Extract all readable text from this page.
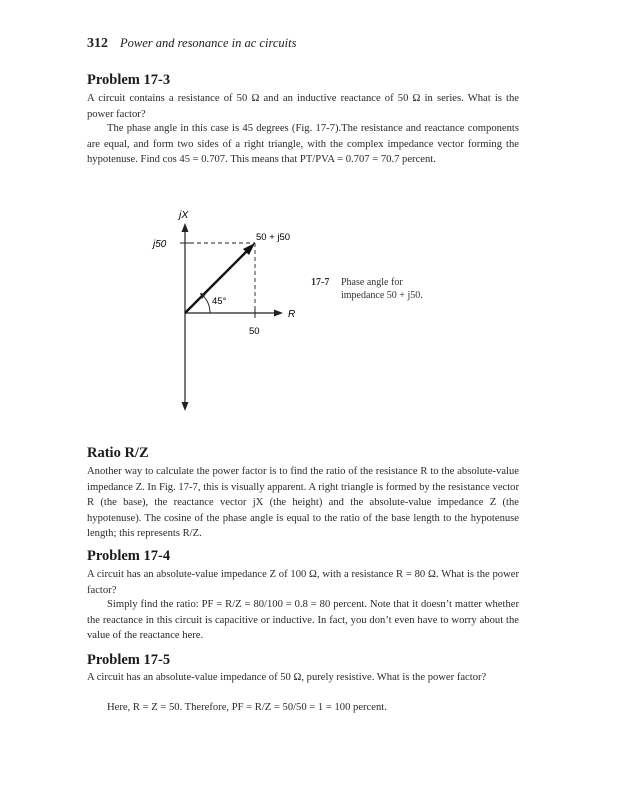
312 Power and resonance in ac circuits
Problem 17-3

A circuit contains a resistance of 50 Ω and an inductive reactance of 50 Ω in series. What is the power factor?

The phase angle in this case is 45 degrees (Fig. 17-7).The resistance and reactance components are equal, and form two sides of a right triangle, with the complex impedance vector forming the hypotenuse. Find cos 45 = 0.707. This means that PT/PVA = 0.707 = 70.7 percent.

jX
R
j50
50
50 + j50
45°
17-7 Phase angle for
impedance 50 + j50.
Ratio R/Z

Another way to calculate the power factor is to find the ratio of the resistance R to the absolute-value impedance Z. In Fig. 17-7, this is visually apparent. A right triangle is formed by the resistance vector R (the base), the reactance vector jX (the height) and the absolute-value impedance Z (the hypotenuse). The cosine of the phase angle is equal to the ratio of the base length to the hypotenuse length; this represents R/Z.

Problem 17-4

A circuit has an absolute-value impedance Z of 100 Ω, with a resistance R = 80 Ω. What is the power factor?

Simply find the ratio: PF = R/Z = 80/100 = 0.8 = 80 percent. Note that it doesn’t matter whether the reactance in this circuit is capacitive or inductive. In fact, you don’t even have to worry about the value of the reactance here.

Problem 17-5

A circuit has an absolute-value impedance of 50 Ω, purely resistive. What is the power factor?

Here, R = Z = 50. Therefore, PF = R/Z = 50/50 = 1 = 100 percent.
